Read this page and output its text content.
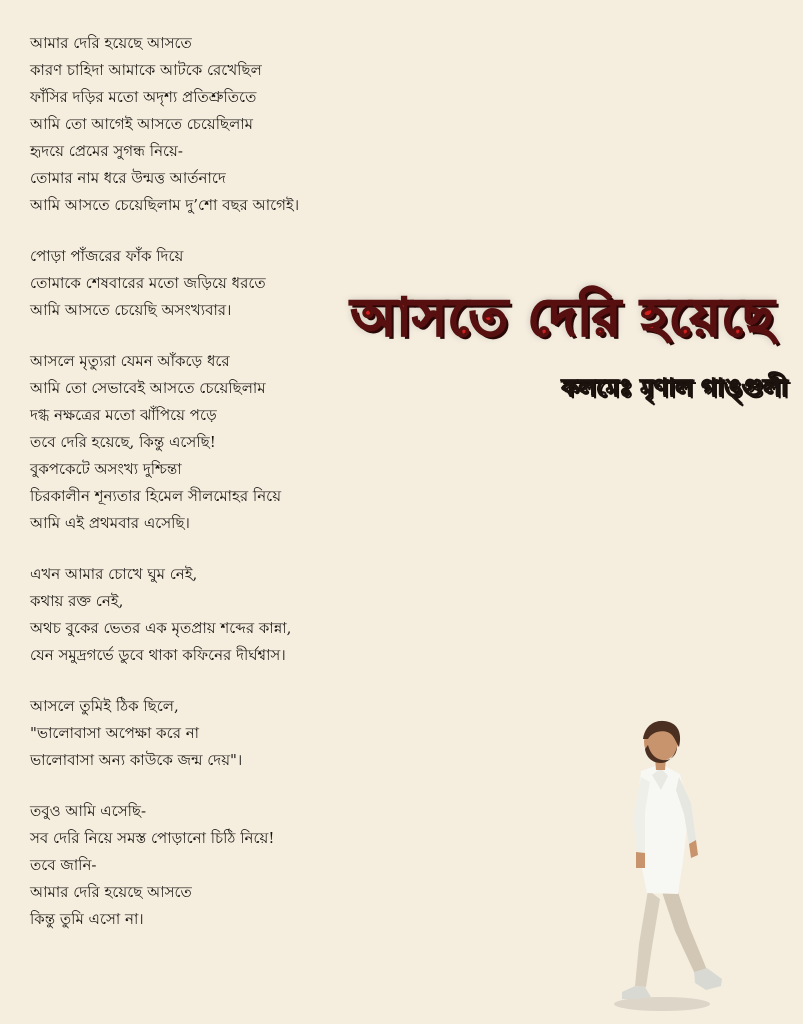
আমার দেরি হয়েছে আসতে
কারণ চাহিদা আমাকে আটকে রেখেছিল
ফাঁসির দড়ির মতো অদৃশ্য প্রতিশ্রুতিতে
আমি তো আগেই আসতে চেয়েছিলাম
হৃদয়ে প্রেমের সুগন্ধ নিয়ে-
তোমার নাম ধরে উন্মত্ত আর্তনাদে
আমি আসতে চেয়েছিলাম দু’শো বছর আগেই।
পোড়া পাঁজরের ফাঁক দিয়ে
তোমাকে শেষবারের মতো জড়িয়ে ধরতে
আমি আসতে চেয়েছি অসংখ্যবার।
আসলে মৃত্যুরা যেমন আঁকড়ে ধরে
আমি তো সেভাবেই আসতে চেয়েছিলাম
দগ্ধ নক্ষত্রের মতো ঝাঁপিয়ে পড়ে
তবে দেরি হয়েছে, কিন্তু এসেছি!
বুকপকেটে অসংখ্য দুশ্চিন্তা
চিরকালীন শূন্যতার হিমেল সীলমোহর নিয়ে
আমি এই প্রথমবার এসেছি।
এখন আমার চোখে ঘুম নেই,
কথায় রক্ত নেই,
অথচ বুকের ভেতর এক মৃতপ্রায় শব্দের কান্না,
যেন সমুদ্রগর্ভে ডুবে থাকা কফিনের দীর্ঘশ্বাস।
আসলে তুমিই ঠিক ছিলে,
"ভালোবাসা অপেক্ষা করে না
ভালোবাসা অন্য কাউকে জন্ম দেয়"।
তবুও আমি এসেছি-
সব দেরি নিয়ে সমস্ত পোড়ানো চিঠি নিয়ে!
তবে জানি-
আমার দেরি হয়েছে আসতে
কিন্তু তুমি এসো না।
আসতে দেরি হয়েছে
কলমেঃ মৃণাল গাঙ্গুলী
